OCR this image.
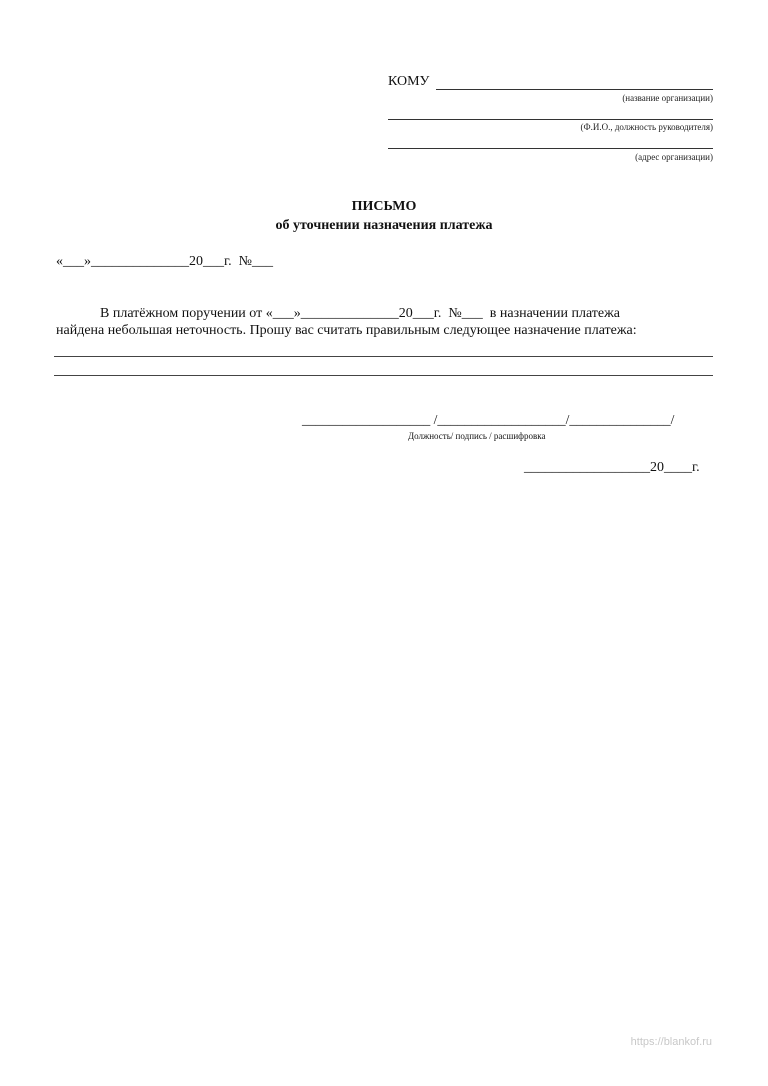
КОМУ
(название организации)
(Ф.И.О., должность руководителя)
(адрес организации)
ПИСЬМО
об уточнении назначения платежа
«___»______________20___г.  №___
В платёжном поручении от «___»______________20___г.  №___  в назначении платежа
найдена небольшая неточность. Прошу вас считать правильным следующее назначение платежа:
___________________ /___________________/_______________/
Должность/ подпись / расшифровка
__________________20____г.
https://blankof.ru
